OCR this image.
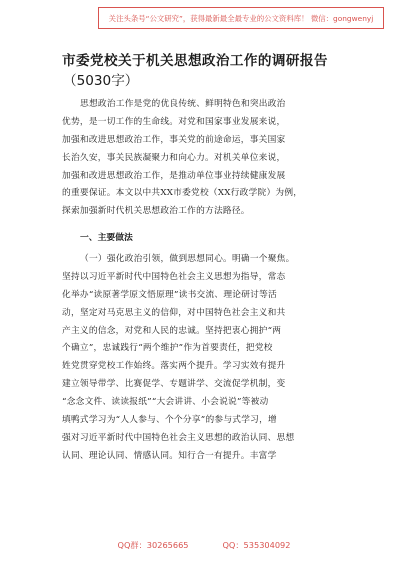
关注头条号“公文研究”，获得最新最全最专业的公文资料库！ 微信：gongwenyj
市委党校关于机关思想政治工作的调研报告
（5030字）
思想政治工作是党的优良传统、鲜明特色和突出政治
优势，是一切工作的生命线。对党和国家事业发展来说，
加强和改进思想政治工作，事关党的前途命运，事关国家
长治久安，事关民族凝聚力和向心力。对机关单位来说，
加强和改进思想政治工作，是推动单位事业持续健康发展
的重要保证。本文以中共XX市委党校（XX行政学院）为例，
探索加强新时代机关思想政治工作的方法路径。
一、主要做法
（一）强化政治引领，做到思想同心。明确一个聚焦。
坚持以习近平新时代中国特色社会主义思想为指导，常态
化举办“读原著学原文悟原理”读书交流、理论研讨等活
动，坚定对马克思主义的信仰，对中国特色社会主义和共
产主义的信念，对党和人民的忠诚。坚持把衷心拥护“两
个确立”，忠诚践行“两个维护”作为首要责任，把党校
姓党贯穿党校工作始终。落实两个提升。学习实效有提升
建立领导带学、比赛促学、专题讲学、交流促学机制，变
“念念文件、读读报纸”“大会讲讲、小会说说”等被动
填鸭式学习为“人人参与、个个分享”的参与式学习，增
强对习近平新时代中国特色社会主义思想的政治认同、思想
认同、理论认同、情感认同。知行合一有提升。丰富学
QQ群：30265665	QQ：535304092
